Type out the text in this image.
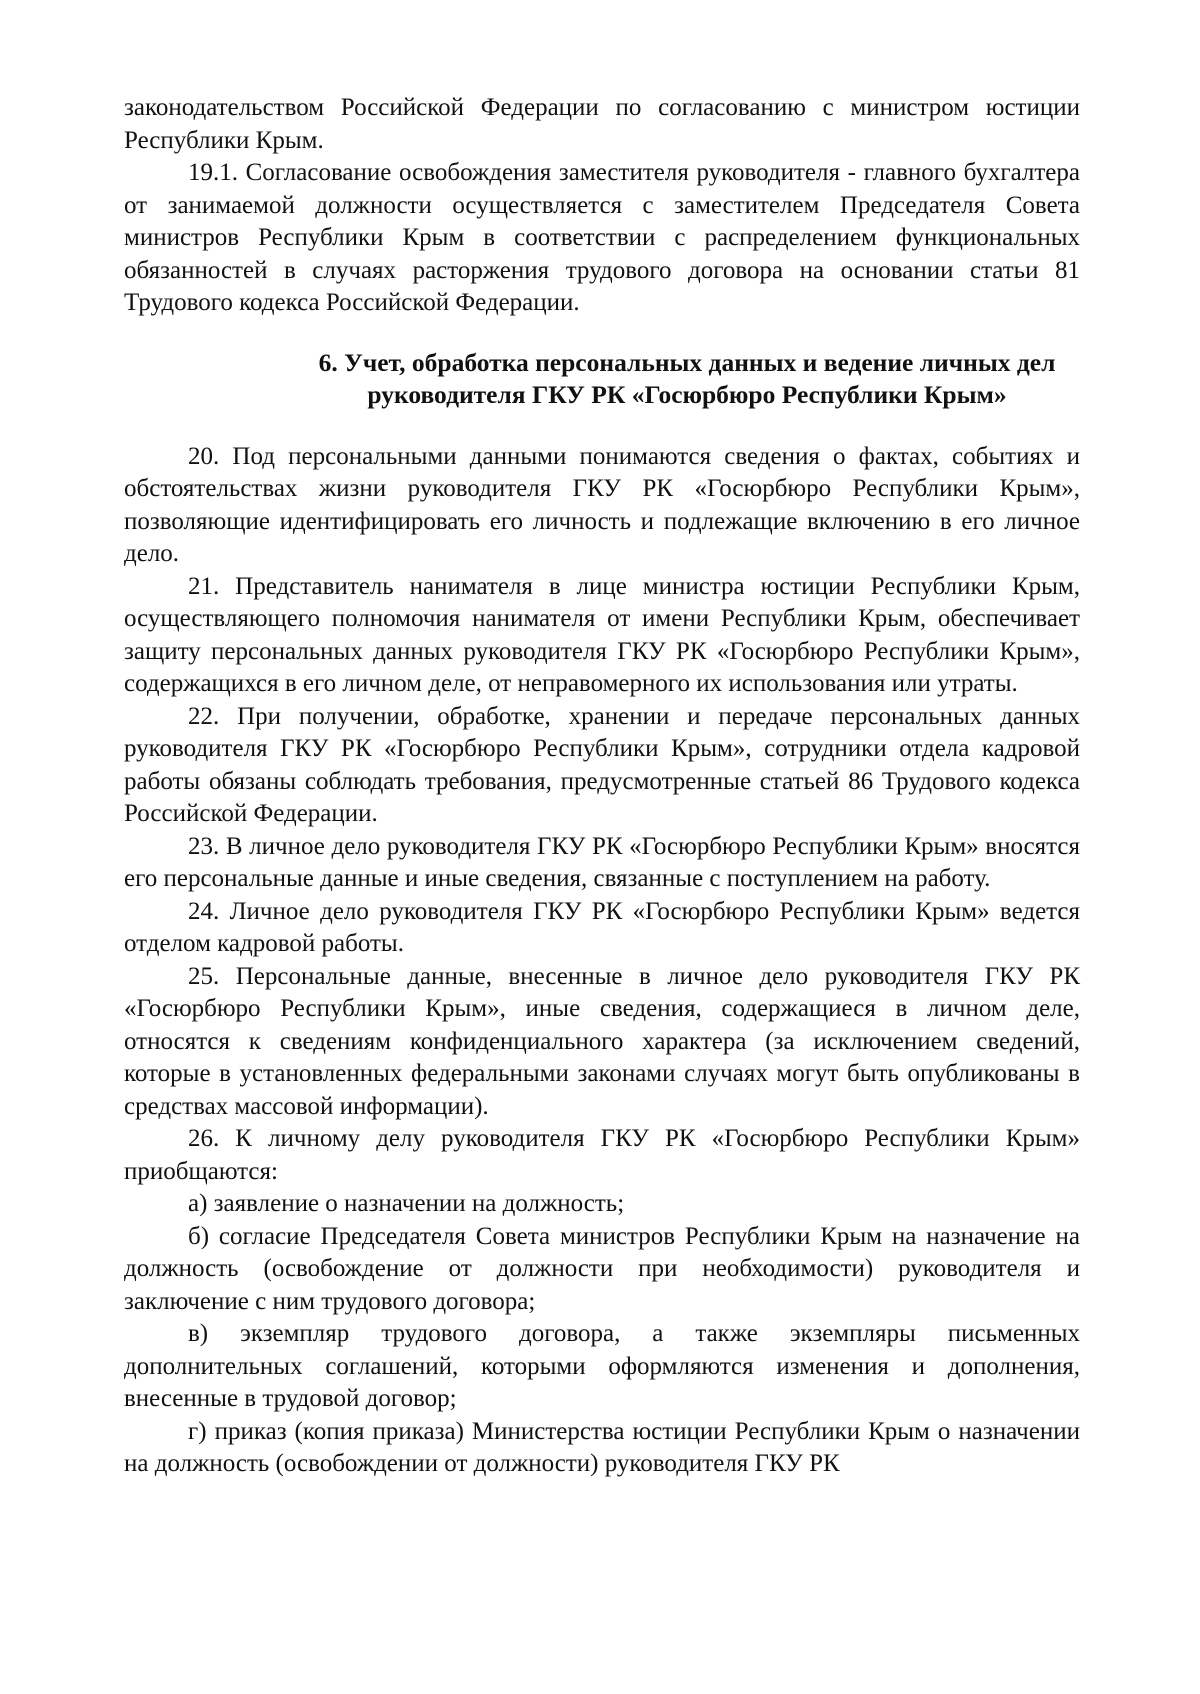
законодательством Российской Федерации по согласованию с министром юстиции Республики Крым.

19.1. Согласование освобождения заместителя руководителя - главного бухгалтера от занимаемой должности осуществляется с заместителем Председателя Совета министров Республики Крым в соответствии с распределением функциональных обязанностей в случаях расторжения трудового договора на основании статьи 81 Трудового кодекса Российской Федерации.

6. Учет, обработка персональных данных и ведение личных дел
руководителя ГКУ РК «Госюрбюро Республики Крым»

20. Под персональными данными понимаются сведения о фактах, событиях и обстоятельствах жизни руководителя ГКУ РК «Госюрбюро Республики Крым», позволяющие идентифицировать его личность и подлежащие включению в его личное дело.

21. Представитель нанимателя в лице министра юстиции Республики Крым, осуществляющего полномочия нанимателя от имени Республики Крым, обеспечивает защиту персональных данных руководителя ГКУ РК «Госюрбюро Республики Крым», содержащихся в его личном деле, от неправомерного их использования или утраты.

22. При получении, обработке, хранении и передаче персональных данных руководителя ГКУ РК «Госюрбюро Республики Крым», сотрудники отдела кадровой работы обязаны соблюдать требования, предусмотренные статьей 86 Трудового кодекса Российской Федерации.

23. В личное дело руководителя ГКУ РК «Госюрбюро Республики Крым» вносятся его персональные данные и иные сведения, связанные с поступлением на работу.

24. Личное дело руководителя ГКУ РК «Госюрбюро Республики Крым» ведется отделом кадровой работы.

25. Персональные данные, внесенные в личное дело руководителя ГКУ РК «Госюрбюро Республики Крым», иные сведения, содержащиеся в личном деле, относятся к сведениям конфиденциального характера (за исключением сведений, которые в установленных федеральными законами случаях могут быть опубликованы в средствах массовой информации).

26. К личному делу руководителя ГКУ РК «Госюрбюро Республики Крым» приобщаются:

а) заявление о назначении на должность;

б) согласие Председателя Совета министров Республики Крым на назначение на должность (освобождение от должности при необходимости) руководителя и заключение с ним трудового договора;

в) экземпляр трудового договора, а также экземпляры письменных дополнительных соглашений, которыми оформляются изменения и дополнения, внесенные в трудовой договор;

г) приказ (копия приказа) Министерства юстиции Республики Крым о назначении на должность (освобождении от должности) руководителя ГКУ РК
